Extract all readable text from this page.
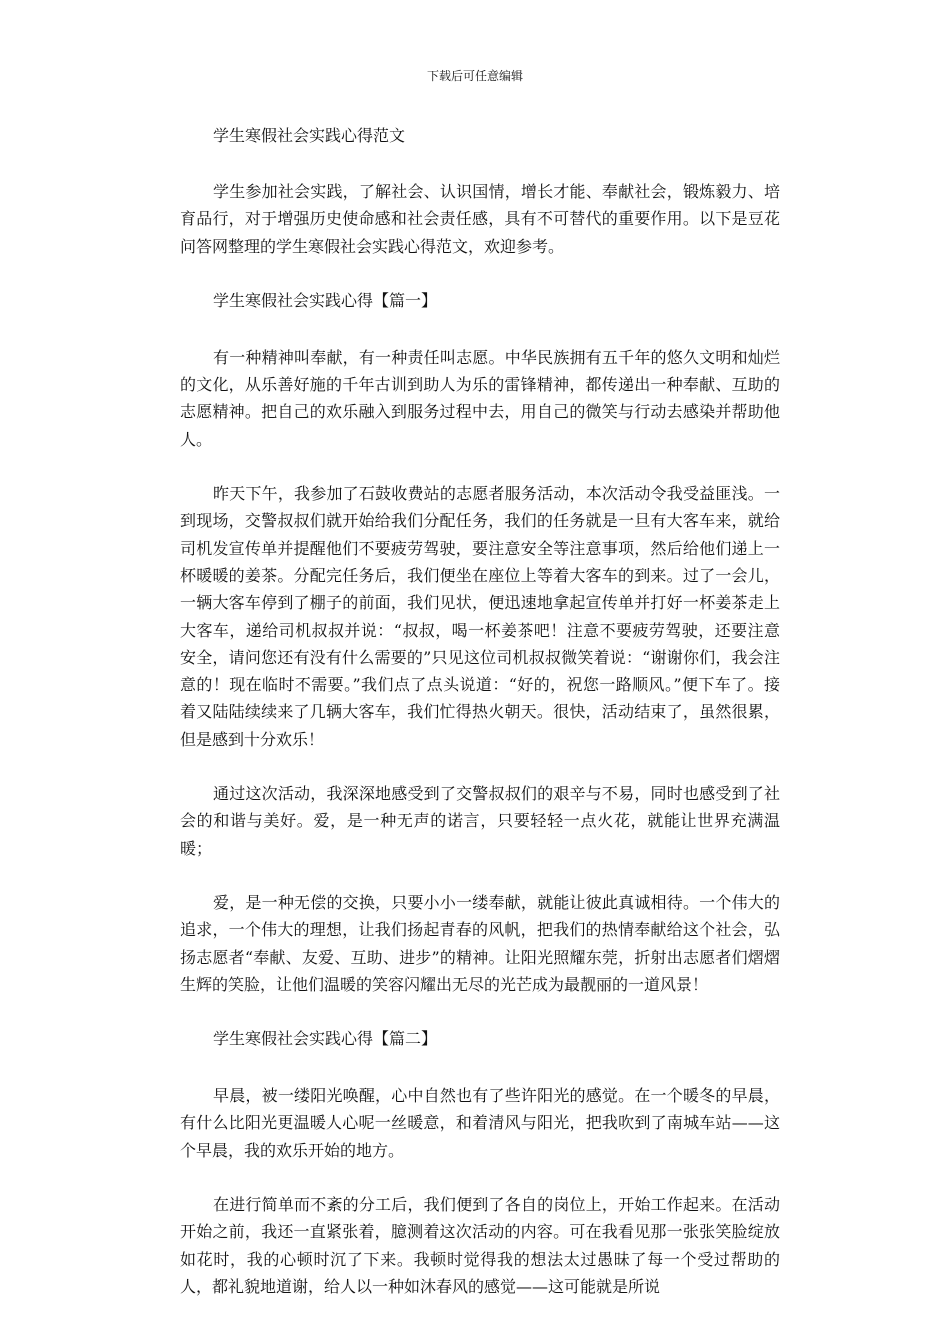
下载后可任意编辑
学生寒假社会实践心得范文

学生参加社会实践，了解社会、认识国情，增长才能、奉献社会，锻炼毅力、培育品行，对于增强历史使命感和社会责任感，具有不可替代的重要作用。以下是豆花问答网整理的学生寒假社会实践心得范文，欢迎参考。

学生寒假社会实践心得【篇一】

有一种精神叫奉献，有一种责任叫志愿。中华民族拥有五千年的悠久文明和灿烂的文化，从乐善好施的千年古训到助人为乐的雷锋精神，都传递出一种奉献、互助的志愿精神。把自己的欢乐融入到服务过程中去，用自己的微笑与行动去感染并帮助他人。

昨天下午，我参加了石鼓收费站的志愿者服务活动，本次活动令我受益匪浅。一到现场，交警叔叔们就开始给我们分配任务，我们的任务就是一旦有大客车来，就给司机发宣传单并提醒他们不要疲劳驾驶，要注意安全等注意事项，然后给他们递上一杯暖暖的姜茶。分配完任务后，我们便坐在座位上等着大客车的到来。过了一会儿，一辆大客车停到了棚子的前面，我们见状，便迅速地拿起宣传单并打好一杯姜茶走上大客车，递给司机叔叔并说：“叔叔，喝一杯姜茶吧！注意不要疲劳驾驶，还要注意安全，请问您还有没有什么需要的”只见这位司机叔叔微笑着说：“谢谢你们，我会注意的！现在临时不需要。”我们点了点头说道：“好的，祝您一路顺风。”便下车了。接着又陆陆续续来了几辆大客车，我们忙得热火朝天。很快，活动结束了，虽然很累，但是感到十分欢乐！

通过这次活动，我深深地感受到了交警叔叔们的艰辛与不易，同时也感受到了社会的和谐与美好。爱，是一种无声的诺言，只要轻轻一点火花，就能让世界充满温暖；

爱，是一种无偿的交换，只要小小一缕奉献，就能让彼此真诚相待。一个伟大的追求，一个伟大的理想，让我们扬起青春的风帆，把我们的热情奉献给这个社会，弘扬志愿者“奉献、友爱、互助、进步”的精神。让阳光照耀东莞，折射出志愿者们熠熠生辉的笑脸，让他们温暖的笑容闪耀出无尽的光芒成为最靓丽的一道风景！

学生寒假社会实践心得【篇二】

早晨，被一缕阳光唤醒，心中自然也有了些许阳光的感觉。在一个暖冬的早晨，有什么比阳光更温暖人心呢一丝暖意，和着清风与阳光，把我吹到了南城车站——这个早晨，我的欢乐开始的地方。

在进行简单而不紊的分工后，我们便到了各自的岗位上，开始工作起来。在活动开始之前，我还一直紧张着，臆测着这次活动的内容。可在我看见那一张张笑脸绽放如花时，我的心顿时沉了下来。我顿时觉得我的想法太过愚昧了每一个受过帮助的人，都礼貌地道谢，给人以一种如沐春风的感觉——这可能就是所说
